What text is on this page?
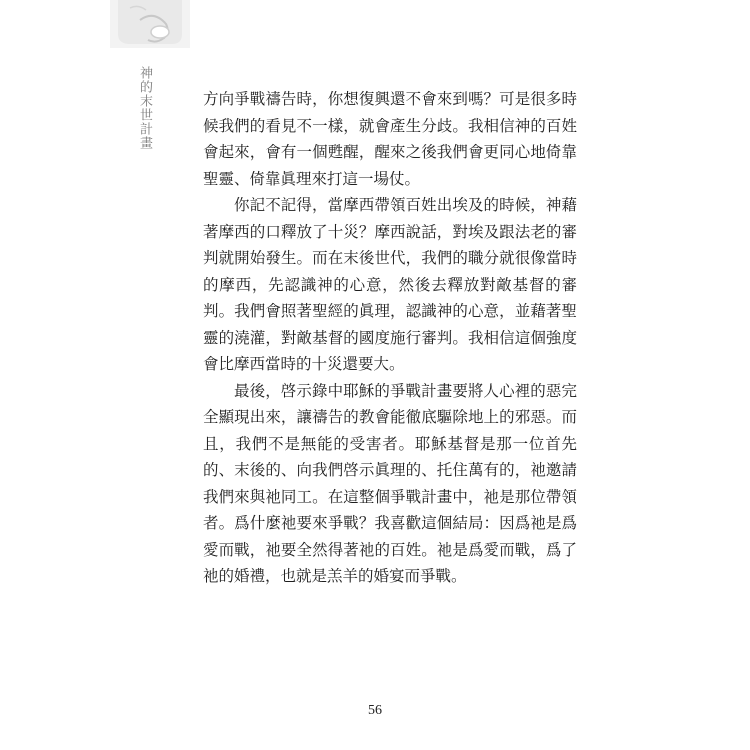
神的末世計畫	方向爭戰禱告時，你想復興還不會來到嗎？可是很多時候我們的看見不一樣，就會產生分歧。我相信神的百姓會起來，會有一個甦醒，醒來之後我們會更同心地倚靠聖靈、倚靠眞理來打這一場仗。

你記不記得，當摩西帶領百姓出埃及的時候，神藉著摩西的口釋放了十災？摩西說話，對埃及跟法老的審判就開始發生。而在末後世代，我們的職分就很像當時的摩西，先認識神的心意，然後去釋放對敵基督的審判。我們會照著聖經的眞理，認識神的心意，並藉著聖靈的澆灌，對敵基督的國度施行審判。我相信這個強度會比摩西當時的十災還要大。

最後，啓示錄中耶穌的爭戰計畫要將人心裡的惡完全顯現出來，讓禱告的教會能徹底驅除地上的邪惡。而且，我們不是無能的受害者。耶穌基督是那一位首先的、末後的、向我們啓示眞理的、托住萬有的，祂邀請我們來與祂同工。在這整個爭戰計畫中，祂是那位帶領者。爲什麼祂要來爭戰？我喜歡這個結局：因爲祂是爲愛而戰，祂要全然得著祂的百姓。祂是爲愛而戰，爲了祂的婚禮，也就是羔羊的婚宴而爭戰。

56
